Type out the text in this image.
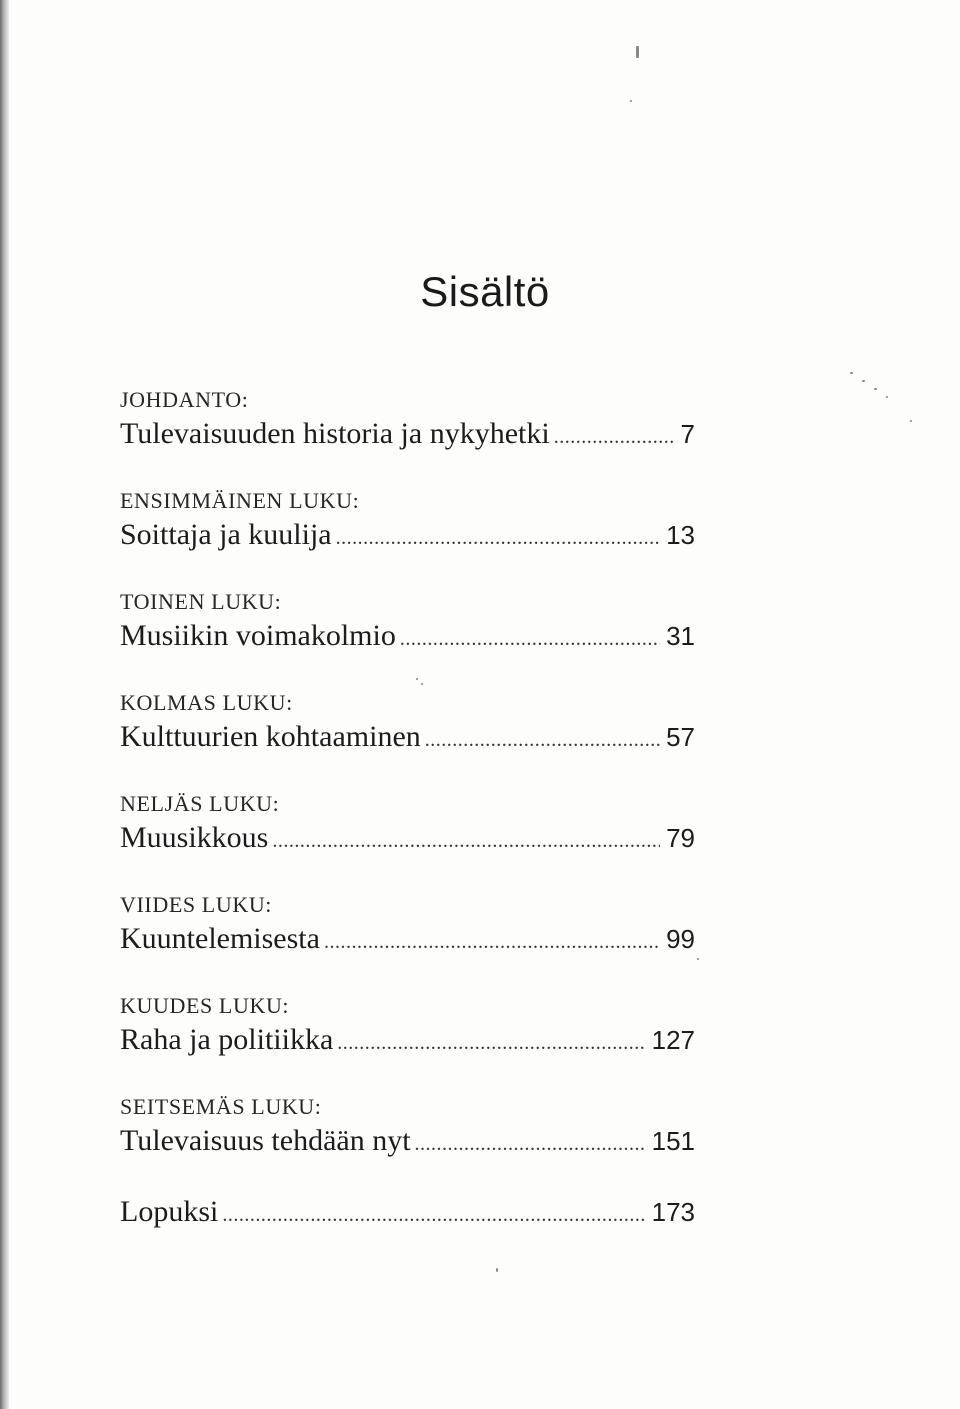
Sisältö
JOHDANTO:
Tulevaisuuden historia ja nykyhetki .....	7
ENSIMMÄINEN LUKU:
Soittaja ja kuulija .....	13
TOINEN LUKU:
Musiikin voimakolmio .....	31
KOLMAS LUKU:
Kulttuurien kohtaaminen .....	57
NELJÄS LUKU:
Muusikkous .....	79
VIIDES LUKU:
Kuuntelemisesta .....	99
KUUDES LUKU:
Raha ja politiikka .....	127
SEITSEMÄS LUKU:
Tulevaisuus tehdään nyt .....	151
Lopuksi .....	173
